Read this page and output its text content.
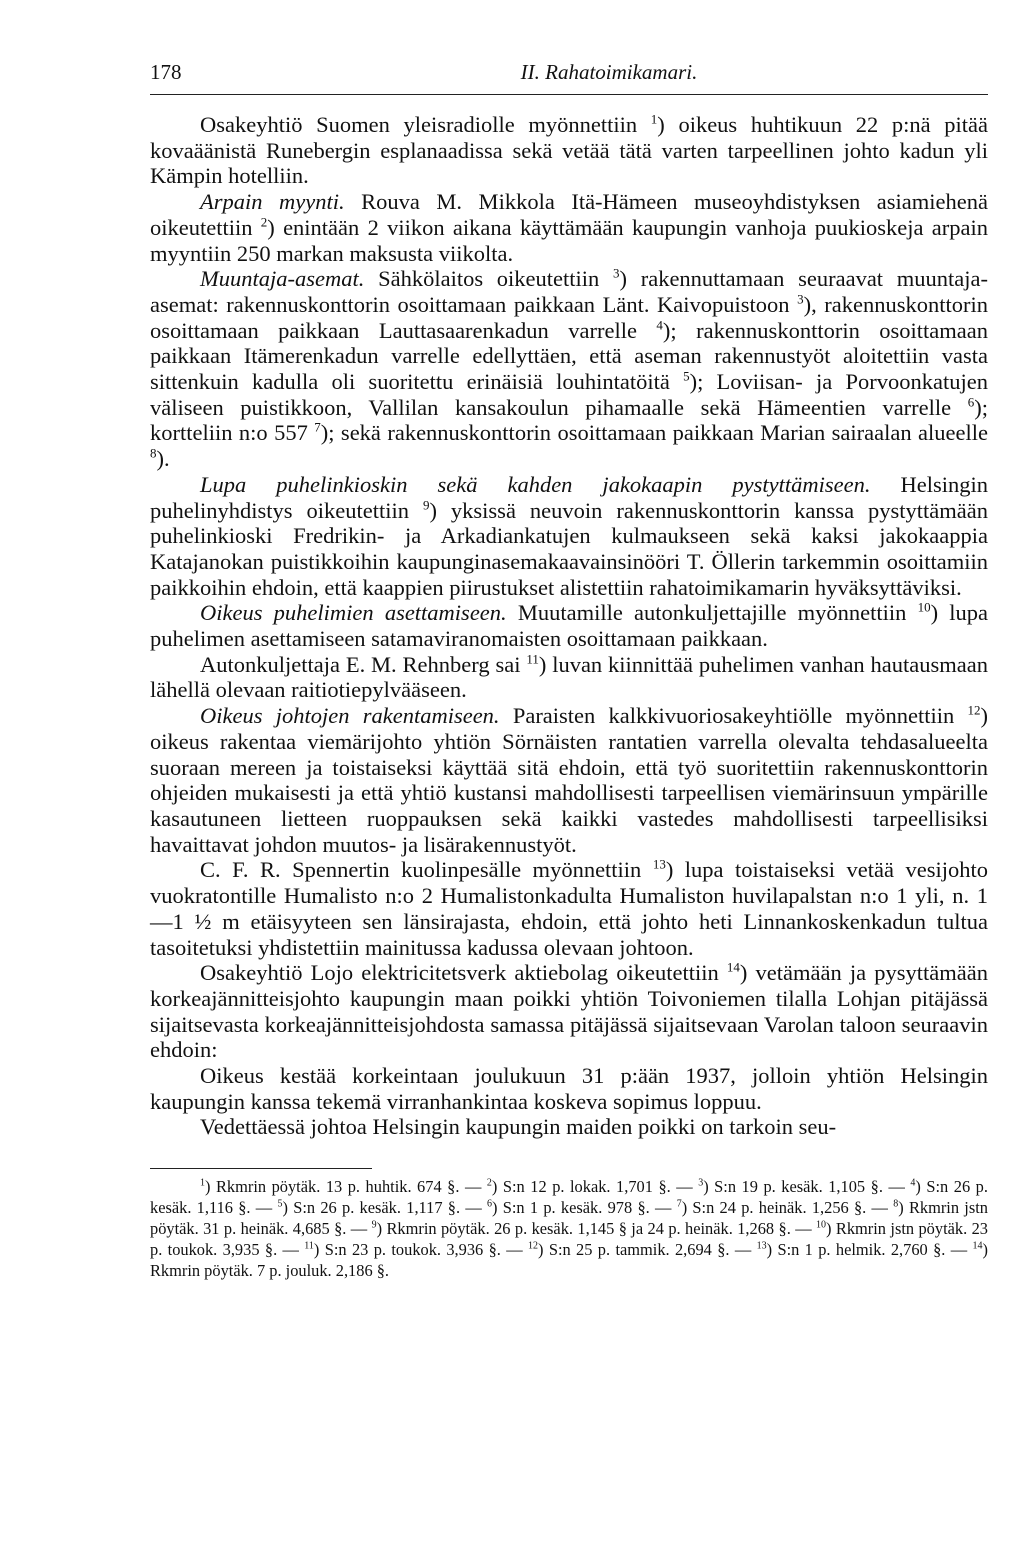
178	II. Rahatoimikamari.

Osakeyhtiö Suomen yleisradiolle myönnettiin $^1$) oikeus huhtikuun 22 p:nä pitää kovaäänistä Runebergin esplanaadissa sekä vetää tätä varten tarpeellinen johto kadun yli Kämpin hotelliin.

Arpain myynti. Rouva M. Mikkola Itä-Hämeen museoyhdistyksen asiamiehenä oikeutettiin $^2$) enintään 2 viikon aikana käyttämään kaupungin vanhoja puukioskeja arpain myyntiin 250 markan maksusta viikolta.

Muuntaja-asemat. Sähkölaitos oikeutettiin $^3$) rakennuttamaan seuraavat muuntaja-asemat: rakennuskonttorin osoittamaan paikkaan Länt. Kaivopuistoon $^3$), rakennuskonttorin osoittamaan paikkaan Lauttasaarenkadun varrelle $^4$); rakennuskonttorin osoittamaan paikkaan Itämerenkadun varrelle edellyttäen, että aseman rakennustyöt aloitettiin vasta sittenkuin kadulla oli suoritettu erinäisiä louhintatöitä $^5$); Loviisan- ja Porvoonkatujen väliseen puistikkoon, Vallilan kansakoulun pihamaalle sekä Hämeentien varrelle $^6$); kortteliin n:o 557 $^7$); sekä rakennuskonttorin osoittamaan paikkaan Marian sairaalan alueelle $^8$).

Lupa puhelinkioskin sekä kahden jakokaapin pystyttämiseen. Helsingin puhelinyhdistys oikeutettiin $^9$) yksissä neuvoin rakennuskonttorin kanssa pystyttämään puhelinkioski Fredrikin- ja Arkadiankatujen kulmaukseen sekä kaksi jakokaappia Katajanokan puistikkoihin kaupunginasemakaavainsinööri T. Öllerin tarkemmin osoittamiin paikkoihin ehdoin, että kaappien piirustukset alistettiin rahatoimikamarin hyväksyttäviksi.

Oikeus puhelimien asettamiseen. Muutamille autonkuljettajille myönnettiin $^{10}$) lupa puhelimen asettamiseen satamaviranomaisten osoittamaan paikkaan.

Autonkuljettaja E. M. Rehnberg sai $^{11}$) luvan kiinnittää puhelimen vanhan hautausmaan lähellä olevaan raitiotiepylvääseen.

Oikeus johtojen rakentamiseen. Paraisten kalkkivuoriosakeyhtiölle myönnettiin $^{12}$) oikeus rakentaa viemärijohto yhtiön Sörnäisten rantatien varrella olevalta tehdasalueelta suoraan mereen ja toistaiseksi käyttää sitä ehdoin, että työ suoritettiin rakennuskonttorin ohjeiden mukaisesti ja että yhtiö kustansi mahdollisesti tarpeellisen viemärinsuun ympärille kasautuneen lietteen ruoppauksen sekä kaikki vastedes mahdollisesti tarpeellisiksi havaittavat johdon muutos- ja lisärakennustyöt.

C. F. R. Spennertin kuolinpesälle myönnettiin $^{13}$) lupa toistaiseksi vetää vesijohto vuokratontille Humalisto n:o 2 Humalistonkadulta Humaliston huvilapalstan n:o 1 yli, n. 1—1 ½ m etäisyyteen sen länsirajasta, ehdoin, että johto heti Linnankoskenkadun tultua tasoitetuksi yhdistettiin mainitussa kadussa olevaan johtoon.

Osakeyhtiö Lojo elektricitetsverk aktiebolag oikeutettiin $^{14}$) vetämään ja pysyttämään korkeajännitteisjohto kaupungin maan poikki yhtiön Toivoniemen tilalla Lohjan pitäjässä sijaitsevasta korkeajännitteisjohdosta samassa pitäjässä sijaitsevaan Varolan taloon seuraavin ehdoin:

Oikeus kestää korkeintaan joulukuun 31 p:ään 1937, jolloin yhtiön Helsingin kaupungin kanssa tekemä virranhankintaa koskeva sopimus loppuu.

Vedettäessä johtoa Helsingin kaupungin maiden poikki on tarkoin seu-

$^1$) Rkmrin pöytäk. 13 p. huhtik. 674 §. — $^2$) S:n 12 p. lokak. 1,701 §. — $^3$) S:n 19 p. kesäk. 1,105 §. — $^4$) S:n 26 p. kesäk. 1,116 §. — $^5$) S:n 26 p. kesäk. 1,117 §. — $^6$) S:n 1 p. kesäk. 978 §. — $^7$) S:n 24 p. heinäk. 1,256 §. — $^8$) Rkmrin jstn pöytäk. 31 p. heinäk. 4,685 §. — $^9$) Rkmrin pöytäk. 26 p. kesäk. 1,145 § ja 24 p. heinäk. 1,268 §. — $^{10}$) Rkmrin jstn pöytäk. 23 p. toukok. 3,935 §. — $^{11}$) S:n 23 p. toukok. 3,936 §. — $^{12}$) S:n 25 p. tammik. 2,694 §. — $^{13}$) S:n 1 p. helmik. 2,760 §. — $^{14}$) Rkmrin pöytäk. 7 p. jouluk. 2,186 §.
